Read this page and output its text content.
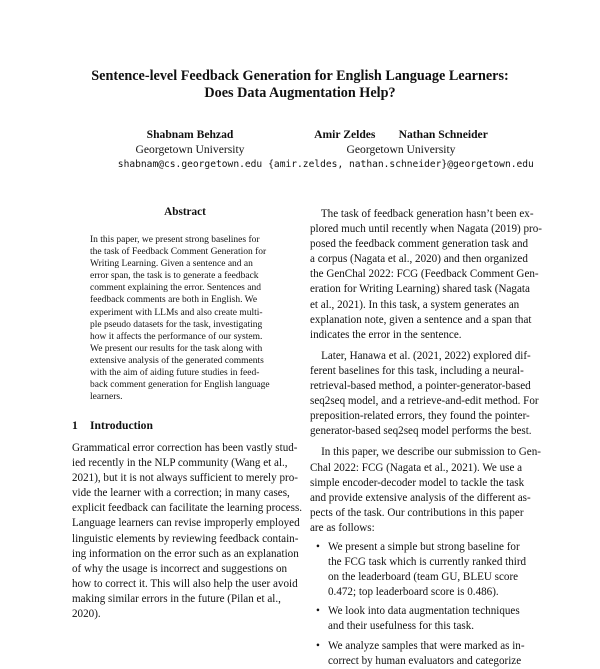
Sentence-level Feedback Generation for English Language Learners:
Does Data Augmentation Help?
Shabnam Behzad
Georgetown University
shabnam@cs.georgetown.edu
Amir Zeldes Nathan Schneider
Georgetown University
{amir.zeldes, nathan.schneider}@georgetown.edu
Abstract
In this paper, we present strong baselines for
the task of Feedback Comment Generation for
Writing Learning. Given a sentence and an
error span, the task is to generate a feedback
comment explaining the error. Sentences and
feedback comments are both in English. We
experiment with LLMs and also create multi-
ple pseudo datasets for the task, investigating
how it affects the performance of our system.
We present our results for the task along with
extensive analysis of the generated comments
with the aim of aiding future studies in feed-
back comment generation for English language
learners.
1 Introduction
Grammatical error correction has been vastly stud-
ied recently in the NLP community (Wang et al.,
2021), but it is not always sufficient to merely pro-
vide the learner with a correction; in many cases,
explicit feedback can facilitate the learning process.
Language learners can revise improperly employed
linguistic elements by reviewing feedback contain-
ing information on the error such as an explanation
of why the usage is incorrect and suggestions on
how to correct it. This will also help the user avoid
making similar errors in the future (Pilan et al.,
2020).
The task of feedback generation hasn’t been ex-
plored much until recently when Nagata (2019) pro-
posed the feedback comment generation task and
a corpus (Nagata et al., 2020) and then organized
the GenChal 2022: FCG (Feedback Comment Gen-
eration for Writing Learning) shared task (Nagata
et al., 2021). In this task, a system generates an
explanation note, given a sentence and a span that
indicates the error in the sentence.
Later, Hanawa et al. (2021, 2022) explored dif-
ferent baselines for this task, including a neural-
retrieval-based method, a pointer-generator-based
seq2seq model, and a retrieve-and-edit method. For
preposition-related errors, they found the pointer-
generator-based seq2seq model performs the best.
In this paper, we describe our submission to Gen-
Chal 2022: FCG (Nagata et al., 2021). We use a
simple encoder-decoder model to tackle the task
and provide extensive analysis of the different as-
pects of the task. Our contributions in this paper
are as follows:
• We present a simple but strong baseline for
the FCG task which is currently ranked third
on the leaderboard (team GU, BLEU score
0.472; top leaderboard score is 0.486).
• We look into data augmentation techniques
and their usefulness for this task.
• We analyze samples that were marked as in-
correct by human evaluators and categorize
